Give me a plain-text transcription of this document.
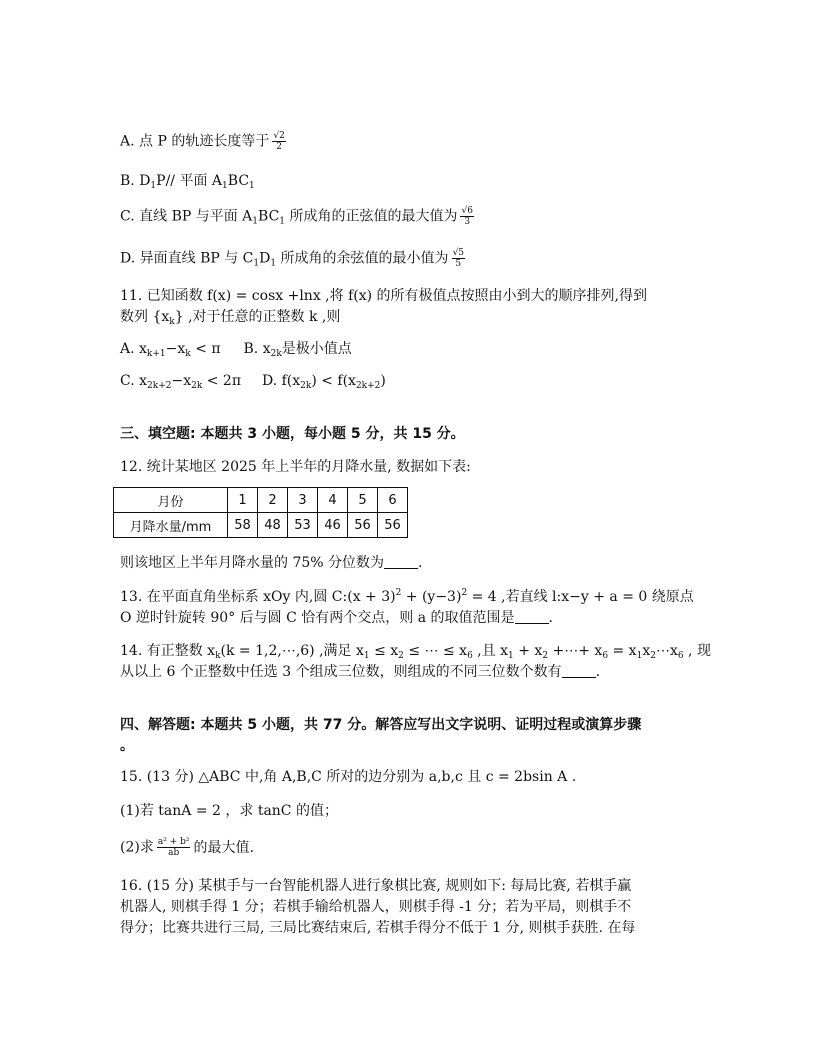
A. 点 P 的轨迹长度等于 $\frac{√2}{2}$
B. $D_1P//$ 平面 $A_1BC_1$
C. 直线 BP 与平面 $A_1BC_1$ 所成角的正弦值的最大值为 $\frac{√6}{3}$
D. 异面直线 BP 与 $C_1D_1$ 所成角的余弦值的最小值为 $\frac{√5}{5}$
11. 已知函数 f(x) = cosx +lnx ,将 f(x) 的所有极值点按照由小到大的顺序排列,得到
数列 $\{x_k\}$ ,对于任意的正整数 k ,则
A. $x_{k+1}-x_k < \pi$ B. $x_{2k}$是极小值点
C. $x_{2k+2}-x_{2k} < 2\pi$ D. $f(x_{2k}) < f(x_{2k+2})$
三、填空题: 本题共 3 小题，每小题 5 分，共 15 分。
12. 统计某地区 2025 年上半年的月降水量, 数据如下表:
月份	1	2	3	4	5	6
月降水量/mm	58	48	53	46	56	56
则该地区上半年月降水量的 75% 分位数为 .
13. 在平面直角坐标系 xOy 内,圆 C:(x + $3)^2 + (y-3)^2 = 4$ ,若直线 l:x−y + a = 0 绕原点
O 逆时针旋转 90° 后与圆 C 恰有两个交点，则 a 的取值范围是 .
14. 有正整数 $x_k(k$ = 1,2,⋯,6) ,满足 $x_1 \le x_2$ ≤ ⋯ ≤ $x_6$ ,且 $x_1 + x_2$ +⋯+ $x_6$ = $x_1x_2\cdots x_6$ , 现
从以上 6 个正整数中任选 3 个组成三位数，则组成的不同三位数个数有 .
四、解答题: 本题共 5 小题，共 77 分。解答应写出文字说明、证明过程或演算步骤
。
15. (13 分) △ABC 中,角 A,B,C 所对的边分别为 a,b,c 且 c = 2bsin A .
(1)若 tanA = 2 ，求 tanC 的值；
(2)求 $\frac{\text{a² + b²}}{ab}$ 的最大值.
16. (15 分) 某棋手与一台智能机器人进行象棋比赛, 规则如下: 每局比赛, 若棋手赢
机器人, 则棋手得 1 分；若棋手输给机器人，则棋手得 -1 分；若为平局，则棋手不
得分；比赛共进行三局, 三局比赛结束后, 若棋手得分不低于 1 分, 则棋手获胜. 在每
